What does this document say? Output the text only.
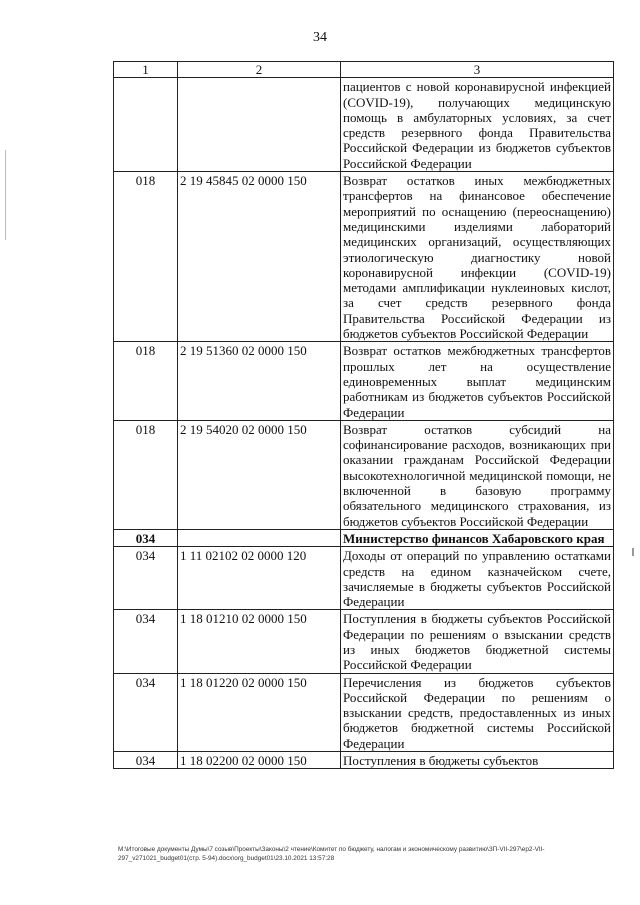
34
1	2	3
		пациентов с новой коронавирусной инфекцией (COVID-19), получающих медицинскую помощь в амбулаторных условиях, за счет средств резервного фонда Правительства Российской Федерации из бюджетов субъектов Российской Федерации
018	2 19 45845 02 0000 150	Возврат остатков иных межбюджетных трансфертов на финансовое обеспечение мероприятий по оснащению (переоснащению) медицинскими изделиями лабораторий медицинских организаций, осуществляющих этиологическую диагностику новой коронавирусной инфекции (COVID-19) методами амплификации нуклеиновых кислот, за счет средств резервного фонда Правительства Российской Федерации из бюджетов субъектов Российской Федерации
018	2 19 51360 02 0000 150	Возврат остатков межбюджетных трансфертов прошлых лет на осуществление единовременных выплат медицинским работникам из бюджетов субъектов Российской Федерации
018	2 19 54020 02 0000 150	Возврат остатков субсидий на софинансирование расходов, возникающих при оказании гражданам Российской Федерации высокотехнологичной медицинской помощи, не включенной в базовую программу обязательного медицинского страхования, из бюджетов субъектов Российской Федерации
034		Министерство финансов Хабаровского края
034	1 11 02102 02 0000 120	Доходы от операций по управлению остатками средств на едином казначейском счете, зачисляемые в бюджеты субъектов Российской Федерации
034	1 18 01210 02 0000 150	Поступления в бюджеты субъектов Российской Федерации по решениям о взыскании средств из иных бюджетов бюджетной системы Российской Федерации
034	1 18 01220 02 0000 150	Перечисления из бюджетов субъектов Российской Федерации по решениям о взыскании средств, предоставленных из иных бюджетов бюджетной системы Российской Федерации
034	1 18 02200 02 0000 150	Поступления в бюджеты субъектов
M:\Итоговые документы Думы\7 созыв\Проекты\Законы\2 чтение\Комитет по бюджету, налогам и экономическому развитию\ЗП-VII-297\ер2-VII-
297_v271021_budget01(стр. 5-94).docx\org_budget01\23.10.2021 13:57:28
